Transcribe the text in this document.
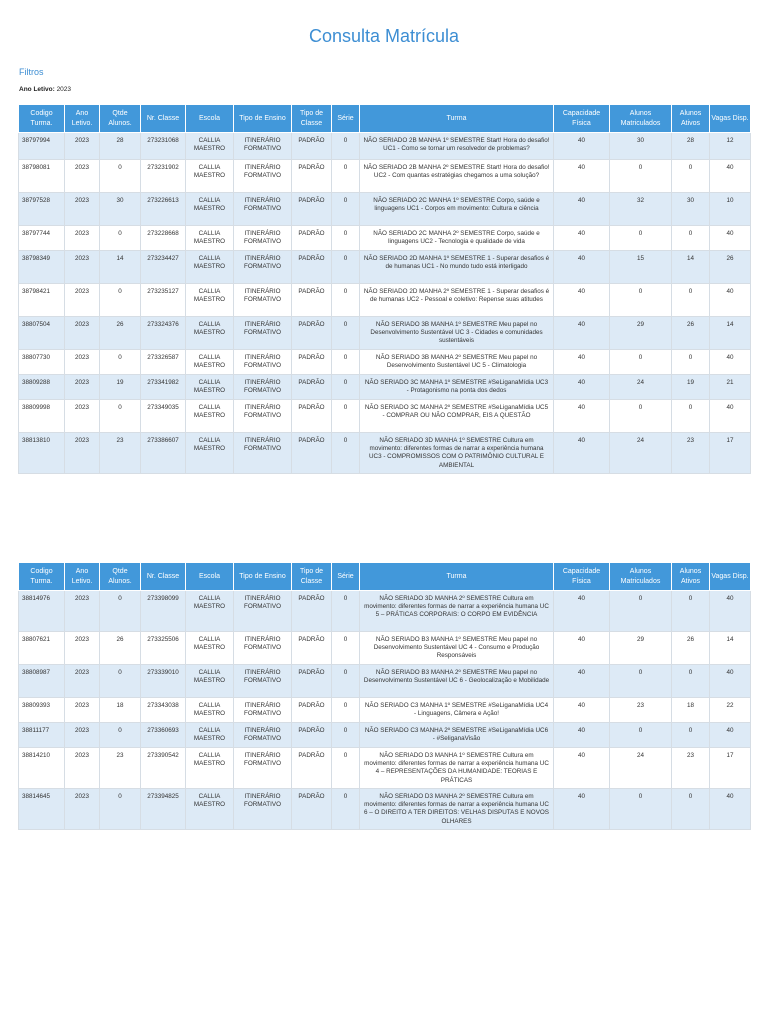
Consulta Matrícula
Filtros
Ano Letivo: 2023
Codigo Turma.	Ano Letivo.	Qtde Alunos.	Nr. Classe	Escola	Tipo de Ensino	Tipo de Classe	Série	Turma	Capacidade Física	Alunos Matriculados	Alunos Ativos	Vagas Disp.
38797994	2023	28	273231068	CALLIA MAESTRO	ITINERÁRIO FORMATIVO	PADRÃO	0	NÃO SERIADO 2B MANHA 1º SEMESTRE Start! Hora do desafio! UC1 - Como se tornar um resolvedor de problemas?	40	30	28	12
38798081	2023	0	273231902	CALLIA MAESTRO	ITINERÁRIO FORMATIVO	PADRÃO	0	NÃO SERIADO 2B MANHA 2º SEMESTRE Start! Hora do desafio! UC2 - Com quantas estratégias chegamos a uma solução?	40	0	0	40
38797528	2023	30	273226613	CALLIA MAESTRO	ITINERÁRIO FORMATIVO	PADRÃO	0	NÃO SERIADO 2C MANHA 1º SEMESTRE Corpo, saúde e linguagens UC1 - Corpos em movimento: Cultura e ciência	40	32	30	10
38797744	2023	0	273228668	CALLIA MAESTRO	ITINERÁRIO FORMATIVO	PADRÃO	0	NÃO SERIADO 2C MANHA 2º SEMESTRE Corpo, saúde e linguagens UC2 - Tecnologia e qualidade de vida	40	0	0	40
38798349	2023	14	273234427	CALLIA MAESTRO	ITINERÁRIO FORMATIVO	PADRÃO	0	NÃO SERIADO 2D MANHA 1º SEMESTRE 1 - Superar desafios é de humanas UC1 - No mundo tudo está interligado	40	15	14	26
38798421	2023	0	273235127	CALLIA MAESTRO	ITINERÁRIO FORMATIVO	PADRÃO	0	NÃO SERIADO 2D MANHA 2º SEMESTRE 1 - Superar desafios é de humanas UC2 - Pessoal e coletivo: Repense suas atitudes	40	0	0	40
38807504	2023	26	273324376	CALLIA MAESTRO	ITINERÁRIO FORMATIVO	PADRÃO	0	NÃO SERIADO 3B MANHA 1º SEMESTRE Meu papel no Desenvolvimento Sustentável UC 3 - Cidades e comunidades sustentáveis	40	29	26	14
38807730	2023	0	273326587	CALLIA MAESTRO	ITINERÁRIO FORMATIVO	PADRÃO	0	NÃO SERIADO 3B MANHA 2º SEMESTRE Meu papel no Desenvolvimento Sustentável UC 5 - Climatologia	40	0	0	40
38809288	2023	19	273341982	CALLIA MAESTRO	ITINERÁRIO FORMATIVO	PADRÃO	0	NÃO SERIADO 3C MANHA 1º SEMESTRE #SeLiganaMídia UC3 - Protagonismo na ponta dos dedos	40	24	19	21
38809998	2023	0	273349035	CALLIA MAESTRO	ITINERÁRIO FORMATIVO	PADRÃO	0	NÃO SERIADO 3C MANHA 2º SEMESTRE #SeLiganaMídia UC5 - COMPRAR OU NÃO COMPRAR, EIS A QUESTÃO	40	0	0	40
38813810	2023	23	273386607	CALLIA MAESTRO	ITINERÁRIO FORMATIVO	PADRÃO	0	NÃO SERIADO 3D MANHA 1º SEMESTRE Cultura em movimento: diferentes formas de narrar a experiência humana UC3 - COMPROMISSOS COM O PATRIMÔNIO CULTURAL E AMBIENTAL	40	24	23	17
Codigo Turma.	Ano Letivo.	Qtde Alunos.	Nr. Classe	Escola	Tipo de Ensino	Tipo de Classe	Série	Turma	Capacidade Física	Alunos Matriculados	Alunos Ativos	Vagas Disp.
38814976	2023	0	273398099	CALLIA MAESTRO	ITINERÁRIO FORMATIVO	PADRÃO	0	NÃO SERIADO 3D MANHA 2º SEMESTRE Cultura em movimento: diferentes formas de narrar a experiência humana UC 5 – PRÁTICAS CORPORAIS: O CORPO EM EVIDÊNCIA	40	0	0	40
38807621	2023	26	273325506	CALLIA MAESTRO	ITINERÁRIO FORMATIVO	PADRÃO	0	NÃO SERIADO B3 MANHA 1º SEMESTRE Meu papel no Desenvolvimento Sustentável UC 4 - Consumo e Produção Responsáveis	40	29	26	14
38808987	2023	0	273339010	CALLIA MAESTRO	ITINERÁRIO FORMATIVO	PADRÃO	0	NÃO SERIADO B3 MANHA 2º SEMESTRE Meu papel no Desenvolvimento Sustentável UC 6 - Geolocalização e Mobilidade	40	0	0	40
38809393	2023	18	273343038	CALLIA MAESTRO	ITINERÁRIO FORMATIVO	PADRÃO	0	NÃO SERIADO C3 MANHA 1º SEMESTRE #SeLiganaMídia UC4 - Linguagens, Câmera e Ação!	40	23	18	22
38811177	2023	0	273360693	CALLIA MAESTRO	ITINERÁRIO FORMATIVO	PADRÃO	0	NÃO SERIADO C3 MANHA 2º SEMESTRE #SeLiganaMídia UC6 - #SeliganaVisão	40	0	0	40
38814210	2023	23	273390542	CALLIA MAESTRO	ITINERÁRIO FORMATIVO	PADRÃO	0	NÃO SERIADO D3 MANHA 1º SEMESTRE Cultura em movimento: diferentes formas de narrar a experiência humana UC 4 – REPRESENTAÇÕES DA HUMANIDADE: TEORIAS E PRÁTICAS	40	24	23	17
38814645	2023	0	273394825	CALLIA MAESTRO	ITINERÁRIO FORMATIVO	PADRÃO	0	NÃO SERIADO D3 MANHA 2º SEMESTRE Cultura em movimento: diferentes formas de narrar a experiência humana UC 6 – O DIREITO A TER DIREITOS: VELHAS DISPUTAS E NOVOS OLHARES	40	0	0	40
